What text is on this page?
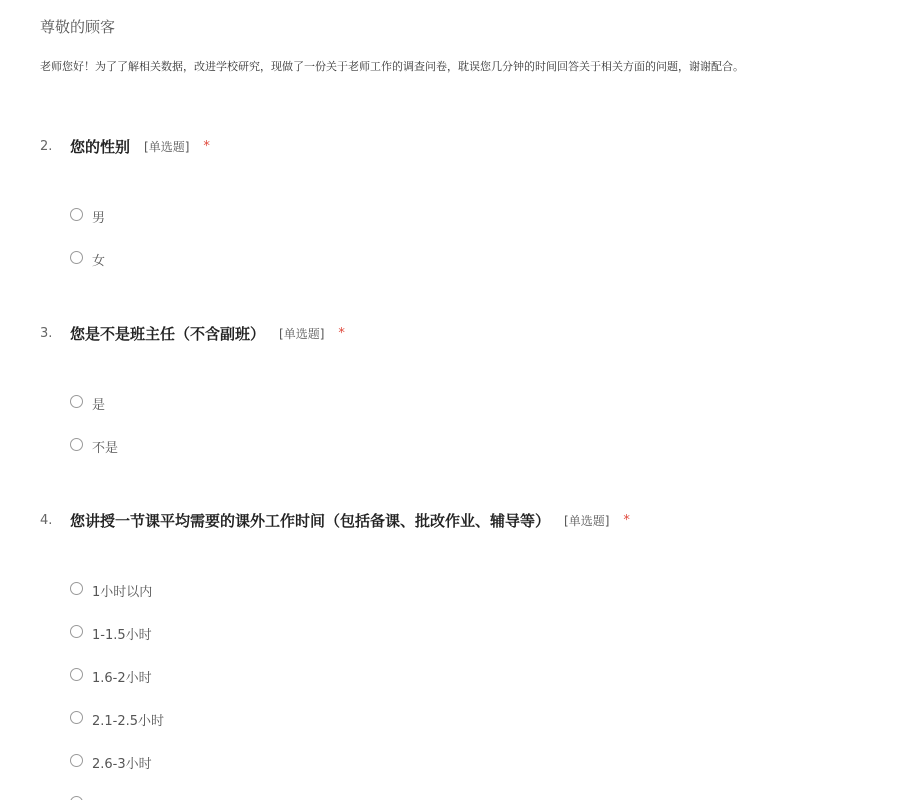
尊敬的顾客
老师您好！为了了解相关数据，改进学校研究，现做了一份关于老师工作的调查问卷，耽误您几分钟的时间回答关于相关方面的问题，谢谢配合。
2. 您的性别 [单选题] *
男
女
3. 您是不是班主任（不含副班） [单选题] *
是
不是
4. 您讲授一节课平均需要的课外工作时间（包括备课、批改作业、辅导等） [单选题] *
1小时以内
1-1.5小时
1.6-2小时
2.1-2.5小时
2.6-3小时
